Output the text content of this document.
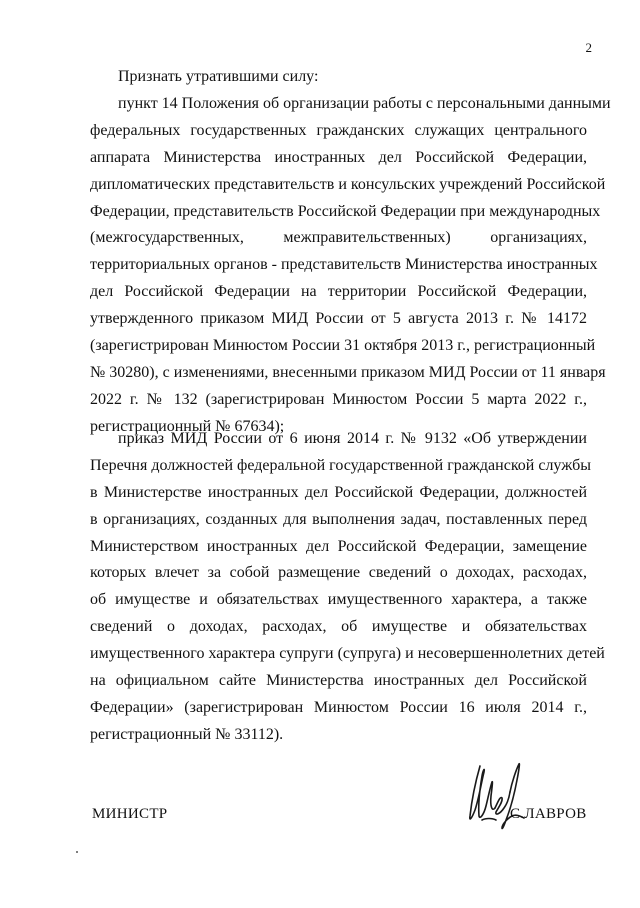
2
Признать утратившими силу:

пункт 14 Положения об организации работы с персональными данными
федеральных государственных гражданских служащих центрального
аппарата Министерства иностранных дел Российской Федерации,
дипломатических представительств и консульских учреждений Российской
Федерации, представительств Российской Федерации при международных
(межгосударственных, межправительственных) организациях,
территориальных органов - представительств Министерства иностранных
дел Российской Федерации на территории Российской Федерации,
утвержденного приказом МИД России от 5 августа 2013 г. № 14172
(зарегистрирован Минюстом России 31 октября 2013 г., регистрационный
№ 30280), с изменениями, внесенными приказом МИД России от 11 января
2022 г. № 132 (зарегистрирован Минюстом России 5 марта 2022 г.,
регистрационный № 67634);

приказ МИД России от 6 июня 2014 г. № 9132 «Об утверждении
Перечня должностей федеральной государственной гражданской службы
в Министерстве иностранных дел Российской Федерации, должностей
в организациях, созданных для выполнения задач, поставленных перед
Министерством иностранных дел Российской Федерации, замещение
которых влечет за собой размещение сведений о доходах, расходах,
об имуществе и обязательствах имущественного характера, а также
сведений о доходах, расходах, об имуществе и обязательствах
имущественного характера супруги (супруга) и несовершеннолетних детей
на официальном сайте Министерства иностранных дел Российской
Федерации» (зарегистрирован Минюстом России 16 июля 2014 г.,
регистрационный № 33112).

МИНИСТР	С.ЛАВРОВ
